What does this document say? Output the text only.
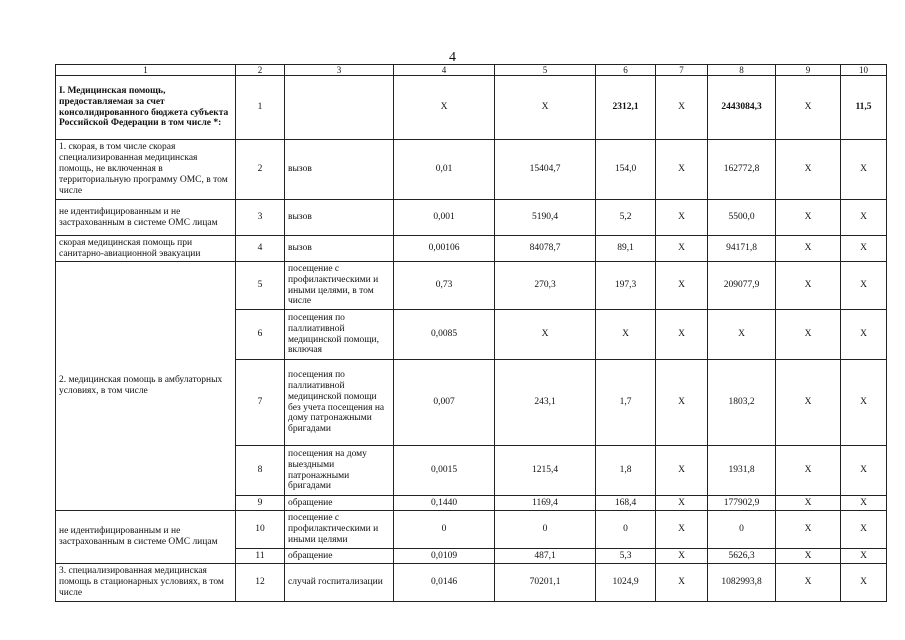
4
1	2	3	4	5	6	7	8	9	10
I. Медицинская помощь, предоставляемая за счет консолидированного бюджета субъекта Российской Федерации в том числе *:	1		Х	Х	2312,1	Х	2443084,3	Х	11,5
1. скорая, в том числе скорая специализированная медицинская помощь, не включенная в территориальную программу ОМС, в том числе	2	вызов	0,01	15404,7	154,0	Х	162772,8	Х	Х
не идентифицированным и не застрахованным в системе ОМС лицам	3	вызов	0,001	5190,4	5,2	Х	5500,0	Х	Х
скорая медицинская помощь при санитарно-авиационной эвакуации	4	вызов	0,00106	84078,7	89,1	Х	94171,8	Х	Х
2. медицинская помощь в амбулаторных условиях, в том числе	5	посещение с профилактическими и иными целями, в том числе	0,73	270,3	197,3	Х	209077,9	Х	Х
	6	посещения по паллиативной медицинской помощи, включая	0,0085	Х	Х	Х	Х	Х	Х
	7	посещения по паллиативной медицинской помощи без учета посещения на дому патронажными бригадами	0,007	243,1	1,7	Х	1803,2	Х	Х
	8	посещения на дому выездными патронажными бригадами	0,0015	1215,4	1,8	Х	1931,8	Х	Х
	9	обращение	0,1440	1169,4	168,4	Х	177902,9	Х	Х
не идентифицированным и не застрахованным в системе ОМС лицам	10	посещение с профилактическими и иными целями	0	0	0	Х	0	Х	Х
	11	обращение	0,0109	487,1	5,3	Х	5626,3	Х	Х
3. специализированная медицинская помощь в стационарных условиях, в том числе	12	случай госпитализации	0,0146	70201,1	1024,9	Х	1082993,8	Х	Х
